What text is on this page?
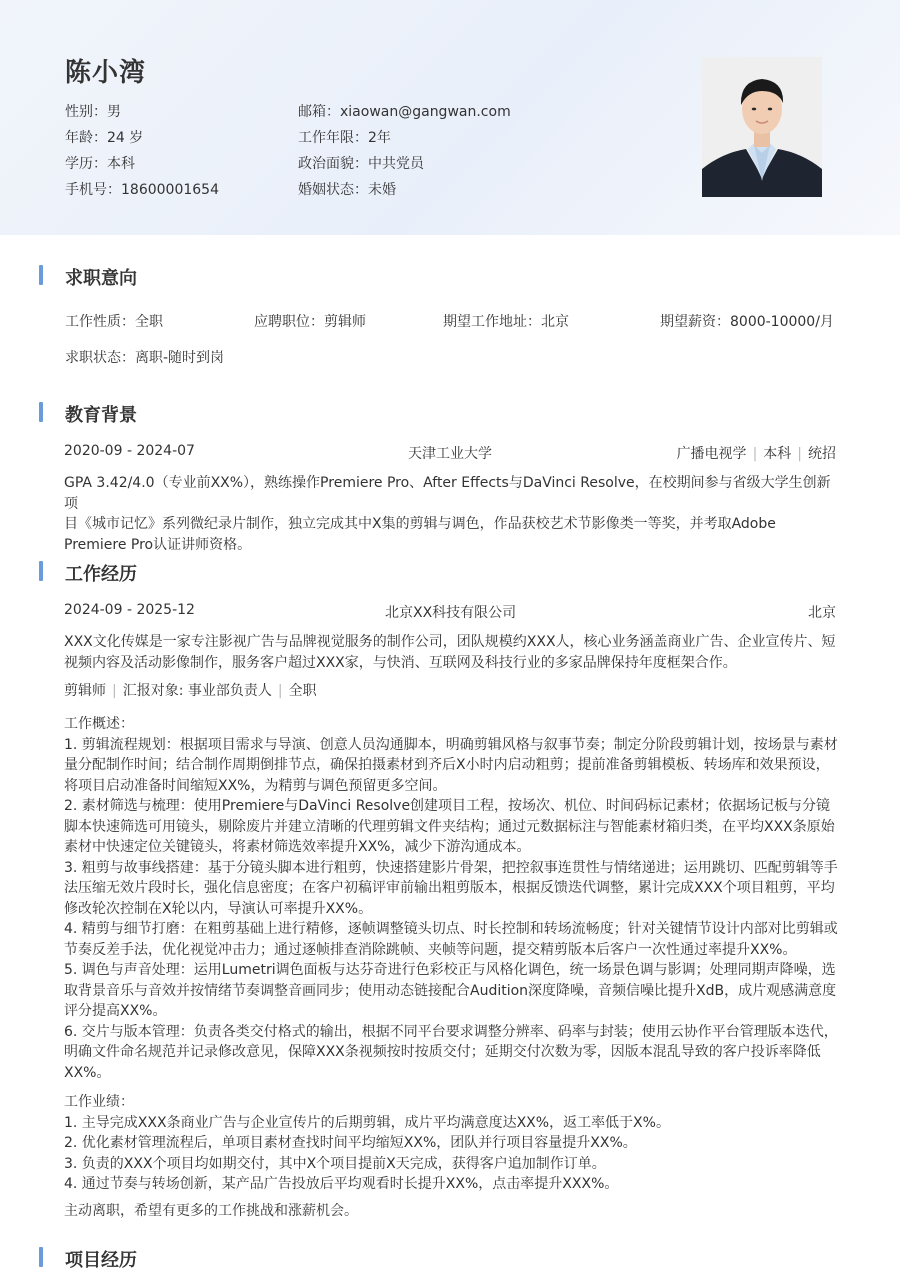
陈小湾
性别：男
年龄：24 岁
学历：本科
手机号：18600001654
邮箱：xiaowan@gangwan.com
工作年限：2年
政治面貌：中共党员
婚姻状态：未婚
求职意向
工作性质：全职	应聘职位：剪辑师	期望工作地址：北京	期望薪资：8000-10000/月
求职状态：离职-随时到岗
教育背景
2020-09 - 2024-07	天津工业大学	广播电视学 | 本科 | 统招

GPA 3.42/4.0（专业前XX%），熟练操作Premiere Pro、After Effects与DaVinci Resolve，在校期间参与省级大学生创新项

目《城市记忆》系列微纪录片制作，独立完成其中X集的剪辑与调色，作品获校艺术节影像类一等奖，并考取Adobe

Premiere Pro认证讲师资格。

工作经历
2024-09 - 2025-12	北京XX科技有限公司	北京
XXX文化传媒是一家专注影视广告与品牌视觉服务的制作公司，团队规模约XXX人，核心业务涵盖商业广告、企业宣传片、短视频内容及活动影像制作，服务客户超过XXX家，与快消、互联网及科技行业的多家品牌保持年度框架合作。
剪辑师 | 汇报对象: 事业部负责人 | 全职

工作概述：

1. 剪辑流程规划：根据项目需求与导演、创意人员沟通脚本，明确剪辑风格与叙事节奏；制定分阶段剪辑计划，按场景与素材量分配制作时间；结合制作周期倒排节点，确保拍摄素材到齐后X小时内启动粗剪；提前准备剪辑模板、转场库和效果预设，将项目启动准备时间缩短XX%，为精剪与调色预留更多空间。

2. 素材筛选与梳理：使用Premiere与DaVinci Resolve创建项目工程，按场次、机位、时间码标记素材；依据场记板与分镜脚本快速筛选可用镜头，剔除废片并建立清晰的代理剪辑文件夹结构；通过元数据标注与智能素材箱归类，在平均XXX条原始素材中快速定位关键镜头，将素材筛选效率提升XX%，减少下游沟通成本。

3. 粗剪与故事线搭建：基于分镜头脚本进行粗剪，快速搭建影片骨架，把控叙事连贯性与情绪递进；运用跳切、匹配剪辑等手法压缩无效片段时长，强化信息密度；在客户初稿评审前输出粗剪版本，根据反馈迭代调整，累计完成XXX个项目粗剪，平均修改轮次控制在X轮以内，导演认可率提升XX%。

4. 精剪与细节打磨：在粗剪基础上进行精修，逐帧调整镜头切点、时长控制和转场流畅度；针对关键情节设计内部对比剪辑或节奏反差手法，优化视觉冲击力；通过逐帧排查消除跳帧、夹帧等问题，提交精剪版本后客户一次性通过率提升XX%。

5. 调色与声音处理：运用Lumetri调色面板与达芬奇进行色彩校正与风格化调色，统一场景色调与影调；处理同期声降噪，选取背景音乐与音效并按情绪节奏调整音画同步；使用动态链接配合Audition深度降噪，音频信噪比提升XdB，成片观感满意度评分提高XX%。

6. 交片与版本管理：负责各类交付格式的输出，根据不同平台要求调整分辨率、码率与封装；使用云协作平台管理版本迭代，明确文件命名规范并记录修改意见，保障XXX条视频按时按质交付；延期交付次数为零，因版本混乱导致的客户投诉率降低XX%。

工作业绩：

1. 主导完成XXX条商业广告与企业宣传片的后期剪辑，成片平均满意度达XX%，返工率低于X%。

2. 优化素材管理流程后，单项目素材查找时间平均缩短XX%，团队并行项目容量提升XX%。

3. 负责的XXX个项目均如期交付，其中X个项目提前X天完成，获得客户追加制作订单。

4. 通过节奏与转场创新，某产品广告投放后平均观看时长提升XX%，点击率提升XXX%。

主动离职，希望有更多的工作挑战和涨薪机会。
项目经历
